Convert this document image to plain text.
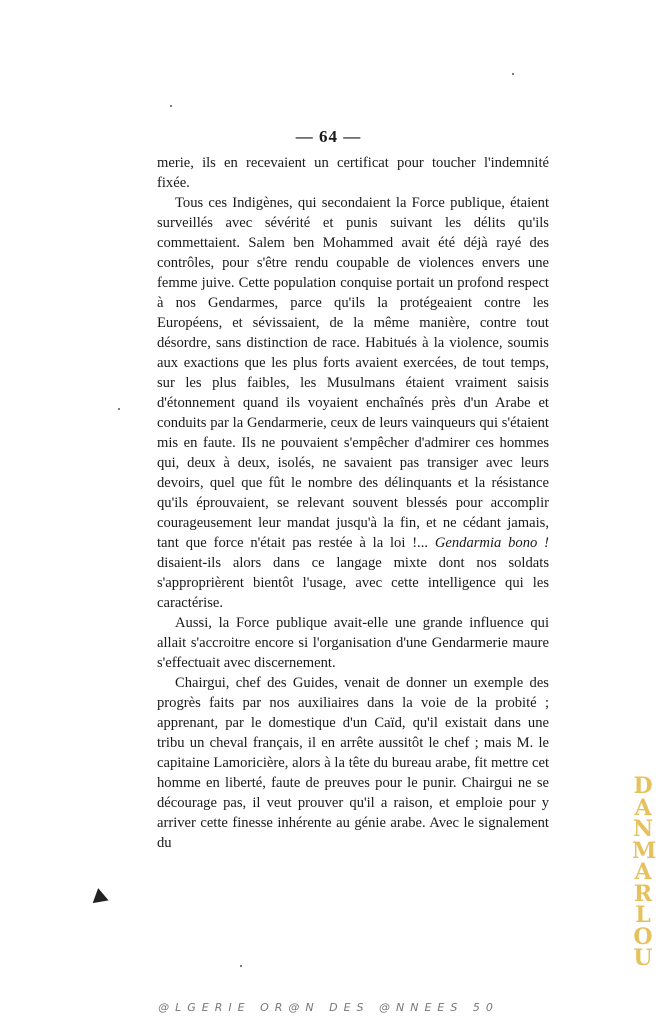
— 64 —

merie, ils en recevaient un certificat pour toucher l'indemnité fixée.

Tous ces Indigènes, qui secondaient la Force publique, étaient surveillés avec sévérité et punis suivant les délits qu'ils commettaient. Salem ben Mohammed avait été déjà rayé des contrôles, pour s'être rendu coupable de violences envers une femme juive. Cette population conquise portait un profond respect à nos Gendarmes, parce qu'ils la protégeaient contre les Européens, et sévissaient, de la même manière, contre tout désordre, sans distinction de race. Habitués à la violence, soumis aux exactions que les plus forts avaient exercées, de tout temps, sur les plus faibles, les Musulmans étaient vraiment saisis d'étonnement quand ils voyaient enchaînés près d'un Arabe et conduits par la Gendarmerie, ceux de leurs vainqueurs qui s'étaient mis en faute. Ils ne pouvaient s'empêcher d'admirer ces hommes qui, deux à deux, isolés, ne savaient pas transiger avec leurs devoirs, quel que fût le nombre des délinquants et la résistance qu'ils éprouvaient, se relevant souvent blessés pour accomplir courageusement leur mandat jusqu'à la fin, et ne cédant jamais, tant que force n'était pas restée à la loi !... Gendarmia bono ! disaient-ils alors dans ce langage mixte dont nos soldats s'approprièrent bientôt l'usage, avec cette intelligence qui les caractérise.

Aussi, la Force publique avait-elle une grande influence qui allait s'accroitre encore si l'organisation d'une Gendarmerie maure s'effectuait avec discernement.

Chairgui, chef des Guides, venait de donner un exemple des progrès faits par nos auxiliaires dans la voie de la probité ; apprenant, par le domestique d'un Caïd, qu'il existait dans une tribu un cheval français, il en arrête aussitôt le chef ; mais M. le capitaine Lamoricière, alors à la tête du bureau arabe, fit mettre cet homme en liberté, faute de preuves pour le punir. Chairgui ne se décourage pas, il veut prouver qu'il a raison, et emploie pour y arriver cette finesse inhérente au génie arabe. Avec le signalement du

D
A
N
M
A
R
L
O
U
@LGERIE OR@N DES @NNEES 50
